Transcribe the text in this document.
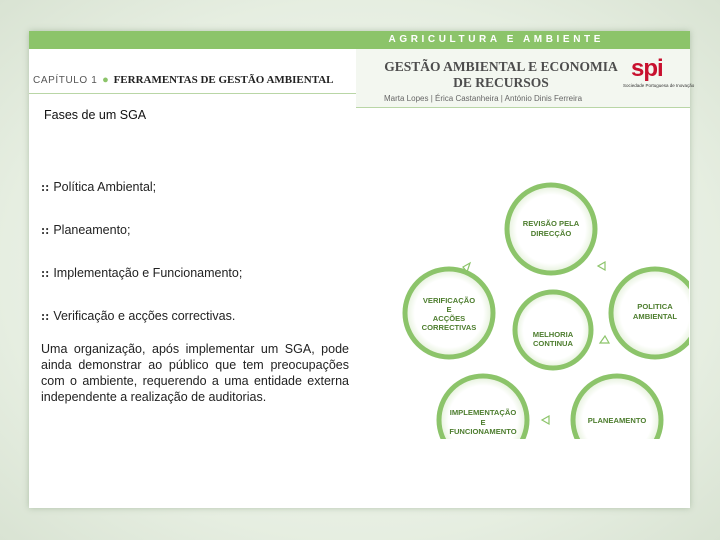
AGRICULTURA E AMBIENTE
CAPÍTULO 1 ● FERRAMENTAS DE GESTÃO AMBIENTAL
GESTÃO AMBIENTAL E ECONOMIA
DE RECURSOS
Marta Lopes | Érica Castanheira | António Dinis Ferreira
spi
Sociedade Portuguesa de Inovação
Fases de um SGA
:: Política Ambiental;
:: Planeamento;
:: Implementação e Funcionamento;
:: Verificação e acções correctivas.
Uma organização, após implementar um SGA, pode ainda demonstrar ao público que tem preocupações com o ambiente, requerendo a uma entidade externa independente a realização de auditorias.
REVISÃO PELA
DIRECÇÃO
POLITICA
AMBIENTAL
PLANEAMENTO
IMPLEMENTAÇÃO
E
FUNCIONAMENTO
VERIFICAÇÃO
E
ACÇÕES
CORRECTIVAS
MELHORIA
CONTINUA
